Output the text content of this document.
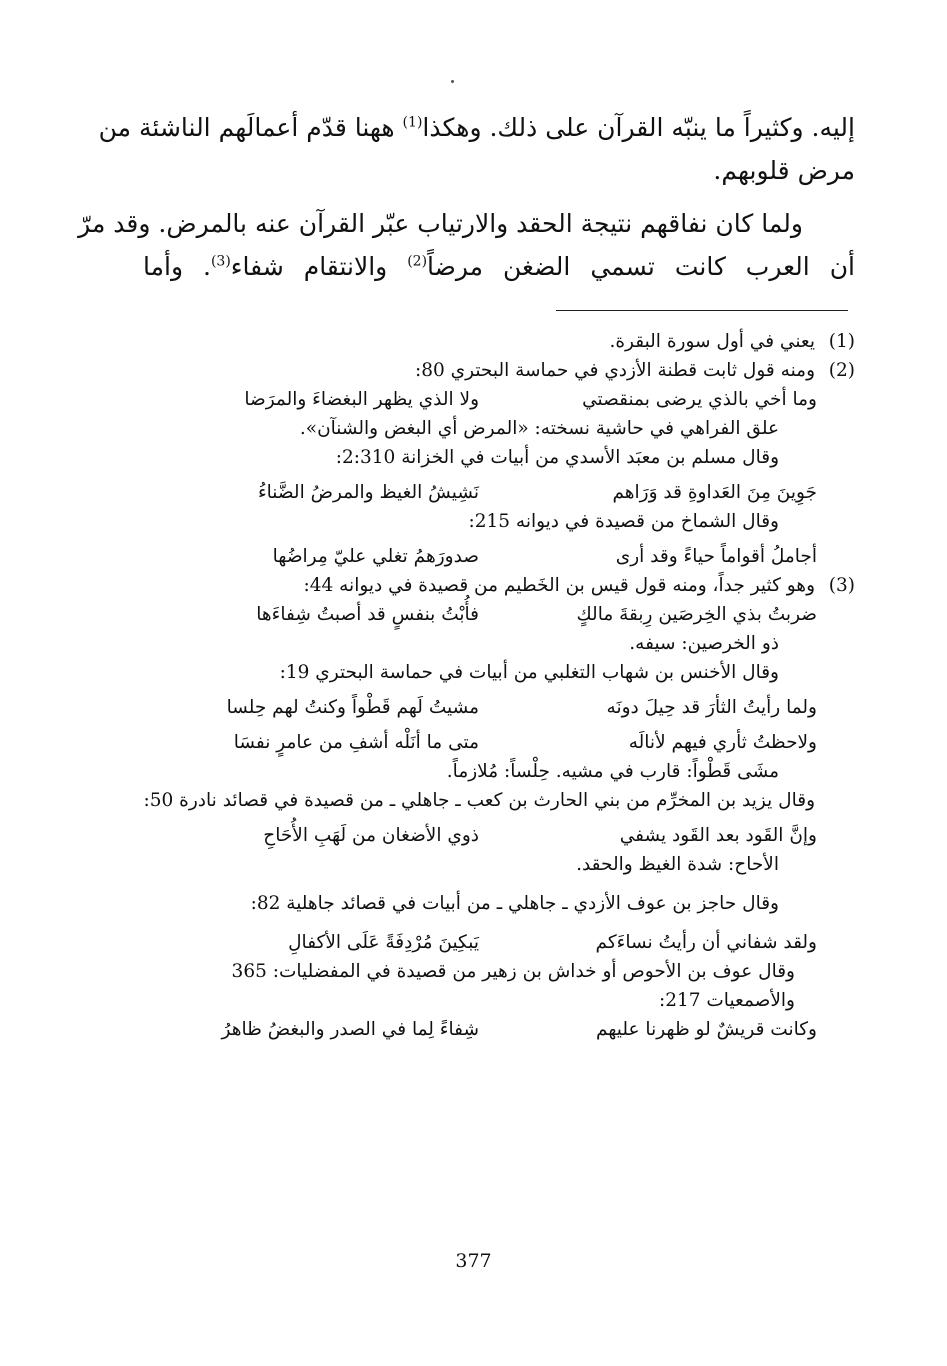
إليه. وكثيراً ما ينبّه القرآن على ذلك. وهكذا$^{(1)}$ ههنا قدّم أعمالَهم الناشئة من
مرض قلوبهم.
ولما كان نفاقهم نتيجة الحقد والارتياب عبّر القرآن عنه بالمرض. وقد مرّ
أن العرب كانت تسمي الضغن مرضاً$^{(2)}$ والانتقام شفاء$^{(3)}$. وأما
(1)
يعني في أول سورة البقرة.
(2)
ومنه قول ثابت قطنة الأزدي في حماسة البحتري 80:
وما أخي بالذي يرضى بمنقصتي
ولا الذي يظهر البغضاءَ والمرَضا
علق الفراهي في حاشية نسخته: «المرض أي البغض والشنآن».
وقال مسلم بن معبَد الأسدي من أبيات في الخزانة 2:310:
جَوِينَ مِنَ العَداوةِ قد وَرَاهم
نَشِيشُ الغيظ والمرضُ الضَّناءُ
وقال الشماخ من قصيدة في ديوانه 215:
أجاملُ أقواماً حياءً وقد أرى
صدورَهمُ تغلي عليّ مِراضُها
(3)
وهو كثير جداً، ومنه قول قيس بن الخَطيم من قصيدة في ديوانه 44:
ضربتُ بذي الخِرصَين رِبقةَ مالكٍ
فأُبْتُ بنفسٍ قد أصبتُ شِفاءَها
ذو الخرصين: سيفه.
وقال الأخنس بن شهاب التغلبي من أبيات في حماسة البحتري 19:
ولما رأيتُ الثأرَ قد حِيلَ دونَه
مشيتُ لَهم قَطْواً وكنتُ لهم حِلسا
ولاحظتُ ثأري فيهم لأنالَه
متى ما أنَلْه أشفِ من عامرٍ نفسَا
مشَى قَطْواً: قارب في مشيه. حِلْساً: مُلازماً.
وقال يزيد بن المخرِّم من بني الحارث بن كعب ـ جاهلي ـ من قصيدة في قصائد نادرة 50:
وإنَّ القَود بعد القَود يشفي
ذوي الأضغان من لَهَبِ الأُحَاحِ
الأحاح: شدة الغيظ والحقد.
وقال حاجز بن عوف الأزدي ـ جاهلي ـ من أبيات في قصائد جاهلية 82:
ولقد شفاني أن رأيتُ نساءَكم
يَبكِينَ مُرْدِفَةً عَلَى الأكفالِ
وقال عوف بن الأحوص أو خداش بن زهير من قصيدة في المفضليات: 365 والأصمعيات 217:
وكانت قريشٌ لو ظهرنا عليهم
شِفاءً لِما في الصدر والبغضُ ظاهرُ
377
